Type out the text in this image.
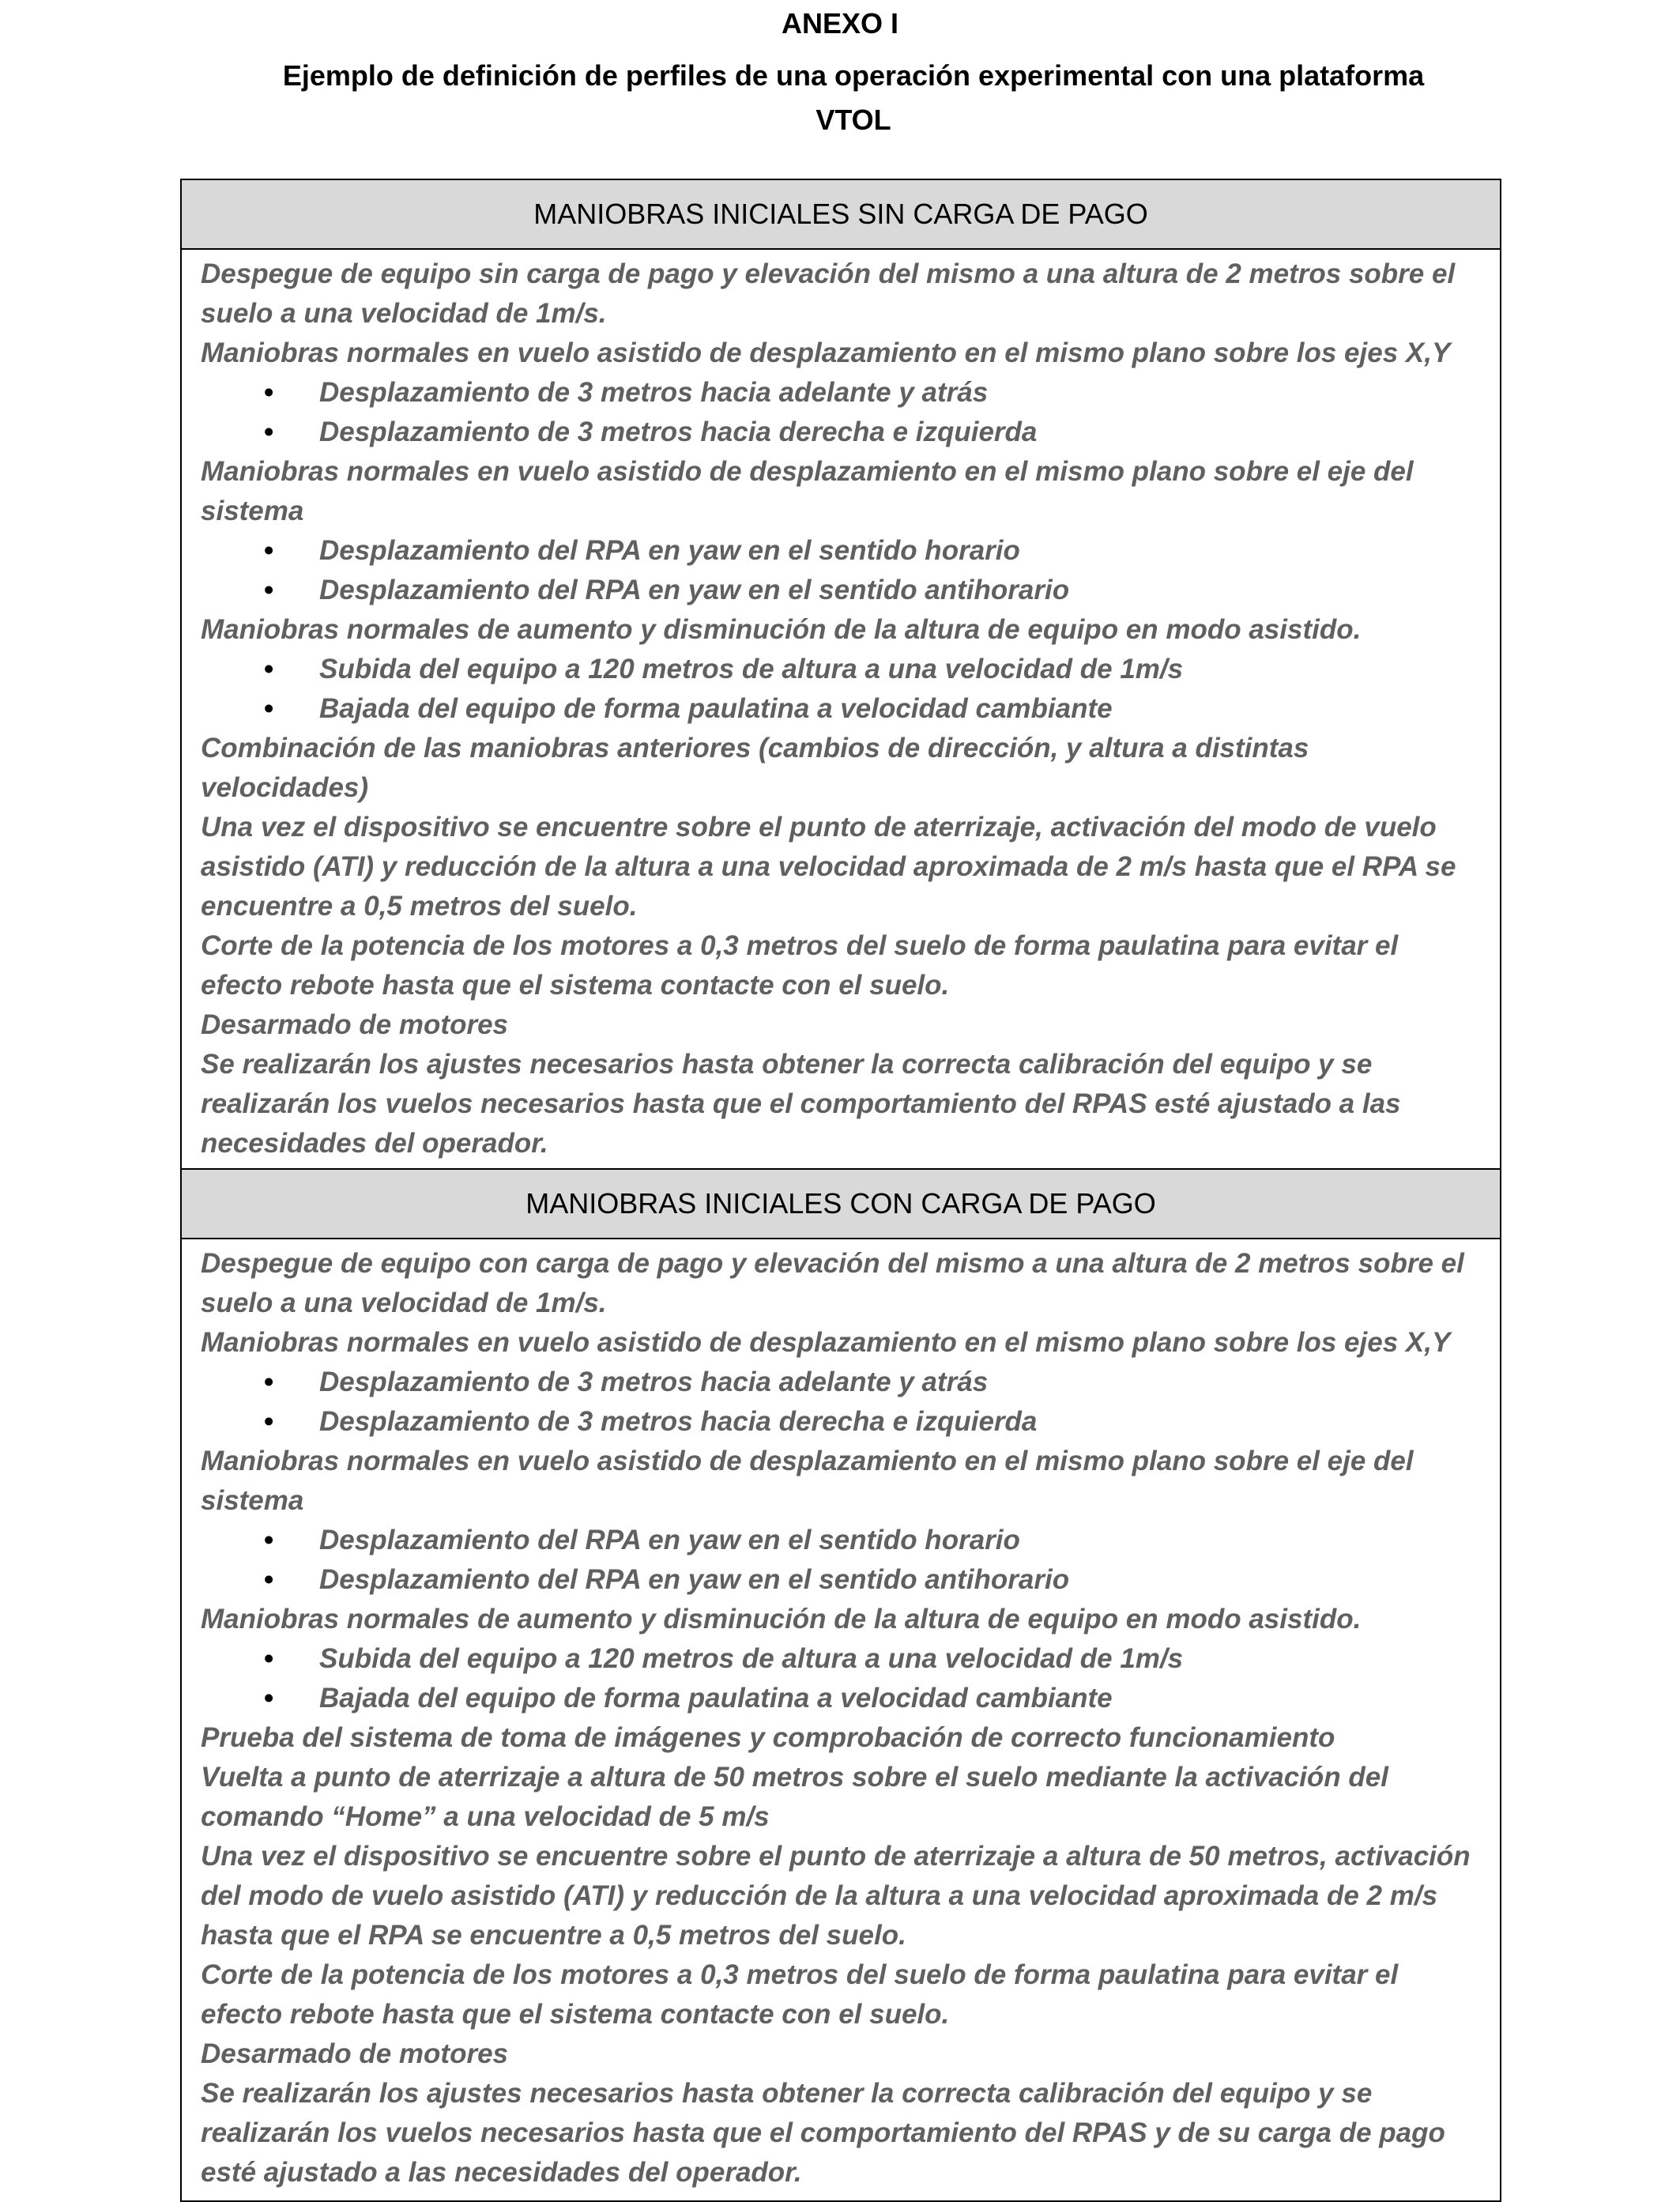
ANEXO I
Ejemplo de definición de perfiles de una operación experimental con una plataforma
VTOL
MANIOBRAS INICIALES SIN CARGA DE PAGO

Despegue de equipo sin carga de pago y elevación del mismo a una altura de 2 metros sobre el

suelo a una velocidad de 1m/s.

Maniobras normales en vuelo asistido de desplazamiento en el mismo plano sobre los ejes X,Y

• Desplazamiento de 3 metros hacia adelante y atrás
• Desplazamiento de 3 metros hacia derecha e izquierda

Maniobras normales en vuelo asistido de desplazamiento en el mismo plano sobre el eje del

sistema

• Desplazamiento del RPA en yaw en el sentido horario
• Desplazamiento del RPA en yaw en el sentido antihorario

Maniobras normales de aumento y disminución de la altura de equipo en modo asistido.

• Subida del equipo a 120 metros de altura a una velocidad de 1m/s
• Bajada del equipo de forma paulatina a velocidad cambiante

Combinación de las maniobras anteriores (cambios de dirección, y altura a distintas

velocidades)

Una vez el dispositivo se encuentre sobre el punto de aterrizaje, activación del modo de vuelo

asistido (ATI) y reducción de la altura a una velocidad aproximada de 2 m/s hasta que el RPA se

encuentre a 0,5 metros del suelo.

Corte de la potencia de los motores a 0,3 metros del suelo de forma paulatina para evitar el

efecto rebote hasta que el sistema contacte con el suelo.

Desarmado de motores

Se realizarán los ajustes necesarios hasta obtener la correcta calibración del equipo y se

realizarán los vuelos necesarios hasta que el comportamiento del RPAS esté ajustado a las

necesidades del operador.

MANIOBRAS INICIALES CON CARGA DE PAGO

Despegue de equipo con carga de pago y elevación del mismo a una altura de 2 metros sobre el

suelo a una velocidad de 1m/s.

Maniobras normales en vuelo asistido de desplazamiento en el mismo plano sobre los ejes X,Y

• Desplazamiento de 3 metros hacia adelante y atrás
• Desplazamiento de 3 metros hacia derecha e izquierda

Maniobras normales en vuelo asistido de desplazamiento en el mismo plano sobre el eje del

sistema

• Desplazamiento del RPA en yaw en el sentido horario
• Desplazamiento del RPA en yaw en el sentido antihorario

Maniobras normales de aumento y disminución de la altura de equipo en modo asistido.

• Subida del equipo a 120 metros de altura a una velocidad de 1m/s
• Bajada del equipo de forma paulatina a velocidad cambiante

Prueba del sistema de toma de imágenes y comprobación de correcto funcionamiento

Vuelta a punto de aterrizaje a altura de 50 metros sobre el suelo mediante la activación del

comando “Home” a una velocidad de 5 m/s

Una vez el dispositivo se encuentre sobre el punto de aterrizaje a altura de 50 metros, activación

del modo de vuelo asistido (ATI) y reducción de la altura a una velocidad aproximada de 2 m/s

hasta que el RPA se encuentre a 0,5 metros del suelo.

Corte de la potencia de los motores a 0,3 metros del suelo de forma paulatina para evitar el

efecto rebote hasta que el sistema contacte con el suelo.

Desarmado de motores

Se realizarán los ajustes necesarios hasta obtener la correcta calibración del equipo y se

realizarán los vuelos necesarios hasta que el comportamiento del RPAS y de su carga de pago

esté ajustado a las necesidades del operador.
